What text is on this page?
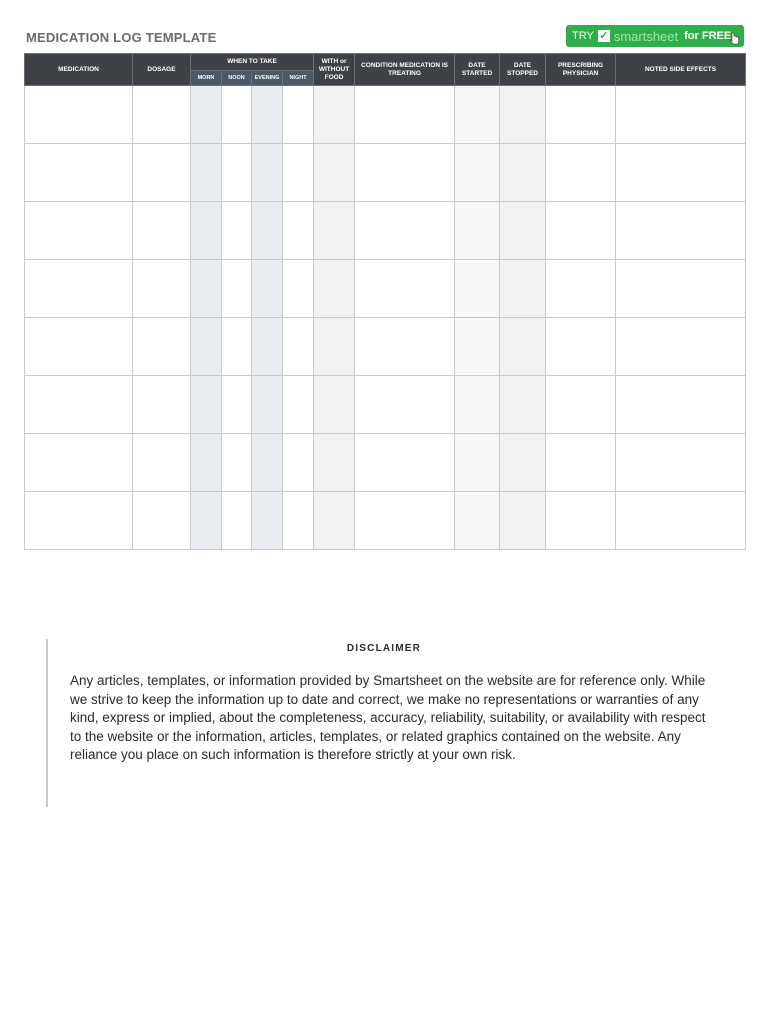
MEDICATION LOG TEMPLATE	TRY ✓ smartsheet for FREE
MEDICATION	DOSAGE	WHEN TO TAKE				WITH or WITHOUT FOOD	CONDITION MEDICATION IS TREATING	DATE STARTED	DATE STOPPED	PRESCRIBING PHYSICIAN	NOTED SIDE EFFECTS
		MORN	NOON	EVENING	NIGHT						

DISCLAIMER
Any articles, templates, or information provided by Smartsheet on the website are for reference only. While we strive to keep the information up to date and correct, we make no representations or warranties of any kind, express or implied, about the completeness, accuracy, reliability, suitability, or availability with respect to the website or the information, articles, templates, or related graphics contained on the website. Any reliance you place on such information is therefore strictly at your own risk.
